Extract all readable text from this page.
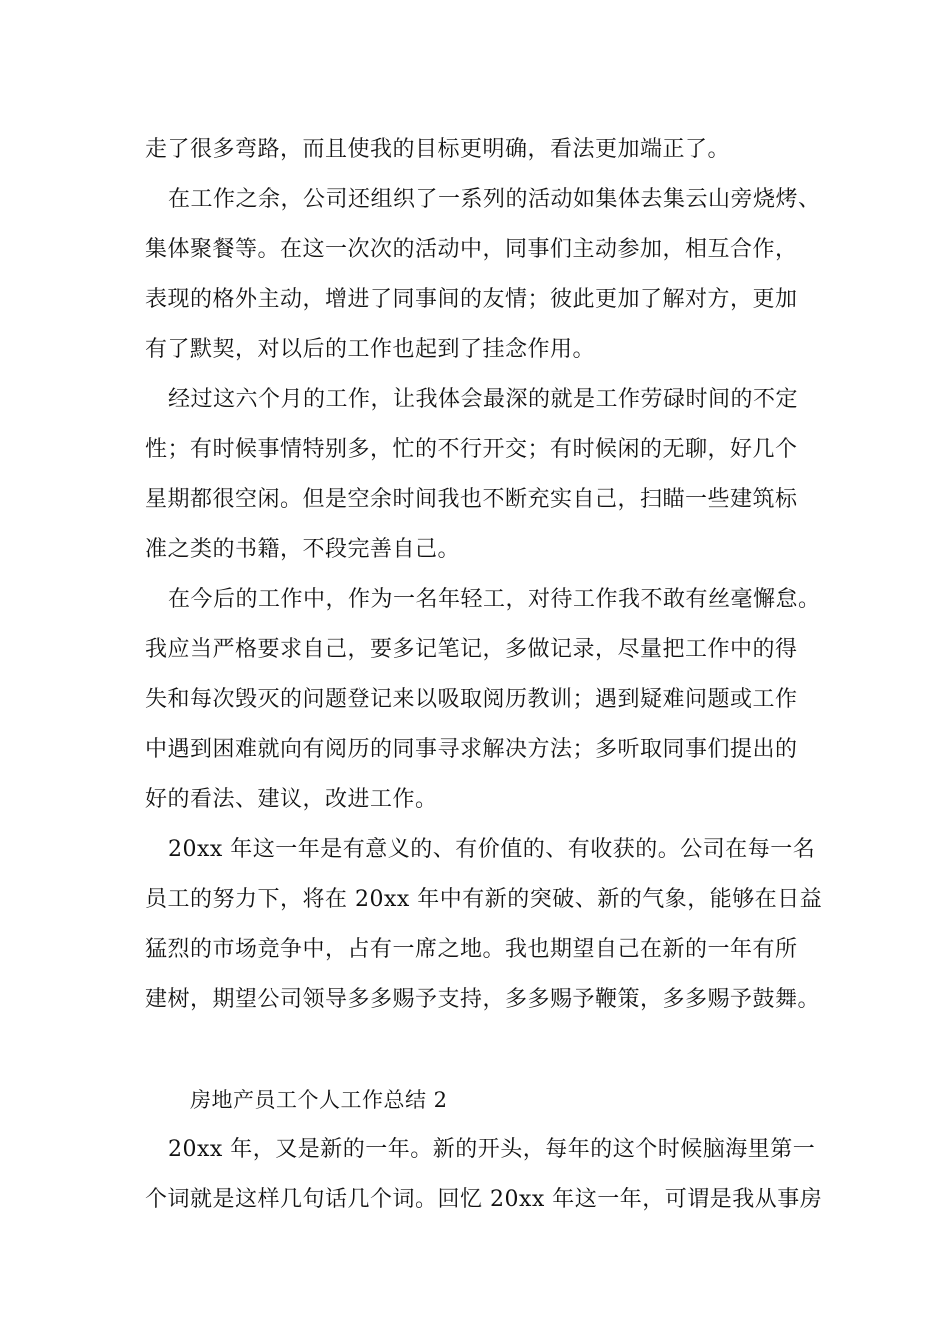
走了很多弯路，而且使我的目标更明确，看法更加端正了。
在工作之余，公司还组织了一系列的活动如集体去集云山旁烧烤、
集体聚餐等。在这一次次的活动中，同事们主动参加，相互合作，
表现的格外主动，增进了同事间的友情；彼此更加了解对方，更加
有了默契，对以后的工作也起到了挂念作用。
经过这六个月的工作，让我体会最深的就是工作劳碌时间的不定
性；有时候事情特别多，忙的不行开交；有时候闲的无聊，好几个
星期都很空闲。但是空余时间我也不断充实自己，扫瞄一些建筑标
准之类的书籍，不段完善自己。
在今后的工作中，作为一名年轻工，对待工作我不敢有丝毫懈怠。
我应当严格要求自己，要多记笔记，多做记录，尽量把工作中的得
失和每次毁灭的问题登记来以吸取阅历教训；遇到疑难问题或工作
中遇到困难就向有阅历的同事寻求解决方法；多听取同事们提出的
好的看法、建议，改进工作。
20xx 年这一年是有意义的、有价值的、有收获的。公司在每一名
员工的努力下，将在 20xx 年中有新的突破、新的气象，能够在日益
猛烈的市场竞争中，占有一席之地。我也期望自己在新的一年有所
建树，期望公司领导多多赐予支持，多多赐予鞭策，多多赐予鼓舞。
房地产员工个人工作总结 2
20xx 年，又是新的一年。新的开头，每年的这个时候脑海里第一
个词就是这样几句话几个词。回忆 20xx 年这一年，可谓是我从事房
